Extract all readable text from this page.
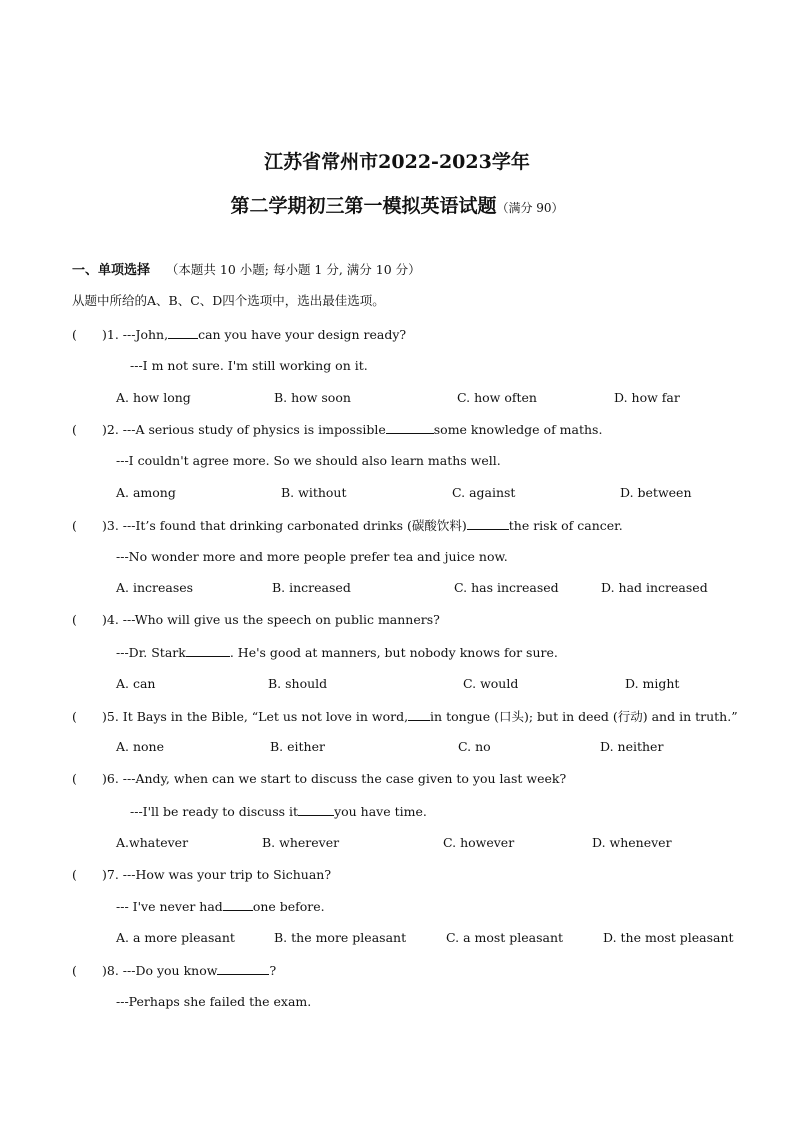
江苏省常州市2022-2023学年
第二学期初三第一模拟英语试题（满分 90）
一、单项选择 （本题共 10 小题; 每小题 1 分, 满分 10 分）
从题中所给的A、B、C、D四个选项中，选出最佳选项。
( )1. ---John, can you have your design ready?
---I m not sure. I'm still working on it.
A. how long	B. how soon	C. how often	D. how far
( )2. ---A serious study of physics is impossible	some knowledge of maths.
---I couldn't agree more. So we should also learn maths well.
A. among	B. without	C. against	D. between
( )3. ---It’s found that drinking carbonated drinks (碳酸饮料)	the risk of cancer.
---No wonder more and more people prefer tea and juice now.
A. increases	B. increased	C. has increased	D. had increased
( )4. ---Who will give us the speech on public manners?
---Dr. Stark	. He's good at manners, but nobody knows for sure.
A. can	B. should	C. would	D. might
( )5. It Bays in the Bible, “Let us not love in word, in tongue (口头); but in deed (行动) and in truth.”
A. none	B. either	C. no	D. neither
( )6. ---Andy, when can we start to discuss the case given to you last week?
---I'll be ready to discuss it	you have time.
A.whatever	B. wherever	C. however	D. whenever
( )7. ---How was your trip to Sichuan?
--- I've never had one before.
A. a more pleasant	B. the more pleasant	C. a most pleasant	D. the most pleasant
( )8. ---Do you know	?
---Perhaps she failed the exam.
